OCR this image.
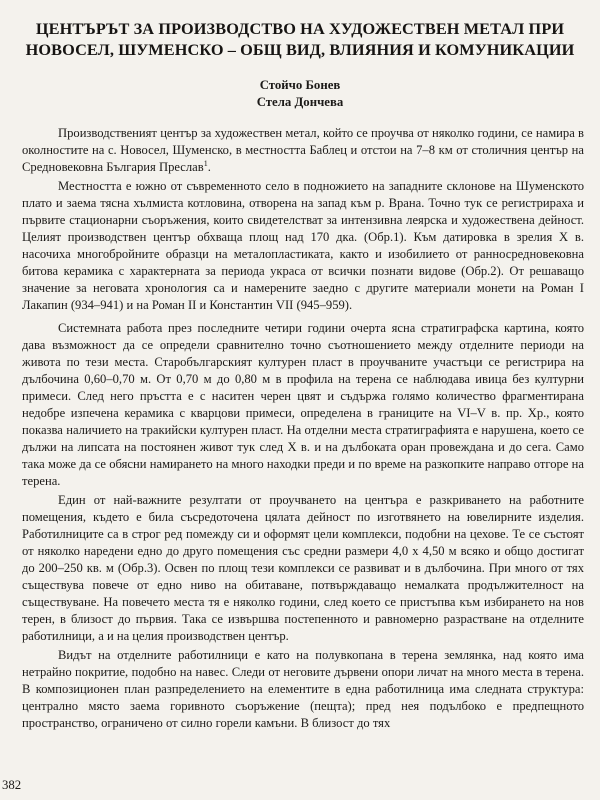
ЦЕНТЪРЪТ ЗА ПРОИЗВОДСТВО НА ХУДОЖЕСТВЕН МЕТАЛ ПРИ
НОВОСЕЛ, ШУМЕНСКО – ОБЩ ВИД, ВЛИЯНИЯ И КОМУНИКАЦИИ
Стойчо Бонев
Стела Дончева

Производственият център за художествен метал, който се проучва от няколко години, се намира в околностите на с. Новосел, Шуменско, в местността Баблец и отстои на 7–8 км от столичния център на Средновековна България Преслав$^1$.

Местността е южно от съвременното село в подножието на западните склонове на Шуменското плато и заема тясна хълмиста котловина, отворена на запад към р. Врана. Точно тук се регистрираха и първите стационарни съоръжения, които свидетелстват за интензивна леярска и художествена дейност. Целият производствен център обхваща площ над 170 дка. (Обр.1). Към датировка в зрелия X в. насочиха многобройните образци на металопластиката, както и изобилието от ранносредновековна битова керамика с характерната за периода украса от всички познати видове (Обр.2). От решаващо значение за неговата хронология са и намерените заедно с другите материали монети на Роман I Лакапин (934–941) и на Роман II и Константин VII (945–959).

Системната работа през последните четири години очерта ясна стратиграфска картина, която дава възможност да се определи сравнително точно съотношението между отделните периоди на живота по тези места. Старобългарският културен пласт в проучваните участъци се регистрира на дълбочина 0,60–0,70 м. От 0,70 м до 0,80 м в профила на терена се наблюдава ивица без културни примеси. След него пръстта е с наситен черен цвят и съдържа голямо количество фрагментирана недобре изпечена керамика с кварцови примеси, определена в границите на VI–V в. пр. Хр., която показва наличието на тракийски културен пласт. На отделни места стратиграфията е нарушена, което се дължи на липсата на постоянен живот тук след X в. и на дълбоката оран провеждана и до сега. Само така може да се обясни намирането на много находки преди и по време на разкопките направо отгоре на терена.

Един от най-важните резултати от проучването на центъра е разкриването на работните помещения, където е била съсредоточена цялата дейност по изготвянето на ювелирните изделия. Работилниците са в строг ред помежду си и оформят цели комплекси, подобни на цехове. Те се състоят от няколко наредени едно до друго помещения със средни размери 4,0 х 4,50 м всяко и общо достигат до 200–250 кв. м (Обр.3). Освен по площ тези комплекси се развиват и в дълбочина. При много от тях съществува повече от едно ниво на обитаване, потвърждаващо немалката продължителност на съществуване. На повечето места тя е няколко години, след което се пристъпва към избирането на нов терен, в близост до първия. Така се извършва постепенното и равномерно разрастване на отделните работилници, а и на целия производствен център.

Видът на отделните работилници е като на полувкопана в терена землянка, над която има нетрайно покритие, подобно на навес. Следи от неговите дървени опори личат на много места в терена. В композиционен план разпределението на елементите в една работилница има следната структура: централно място заема горивното съоръжение (пещта); пред нея подълбоко е предпещното пространство, ограничено от силно горели камъни. В близост до тях

382
